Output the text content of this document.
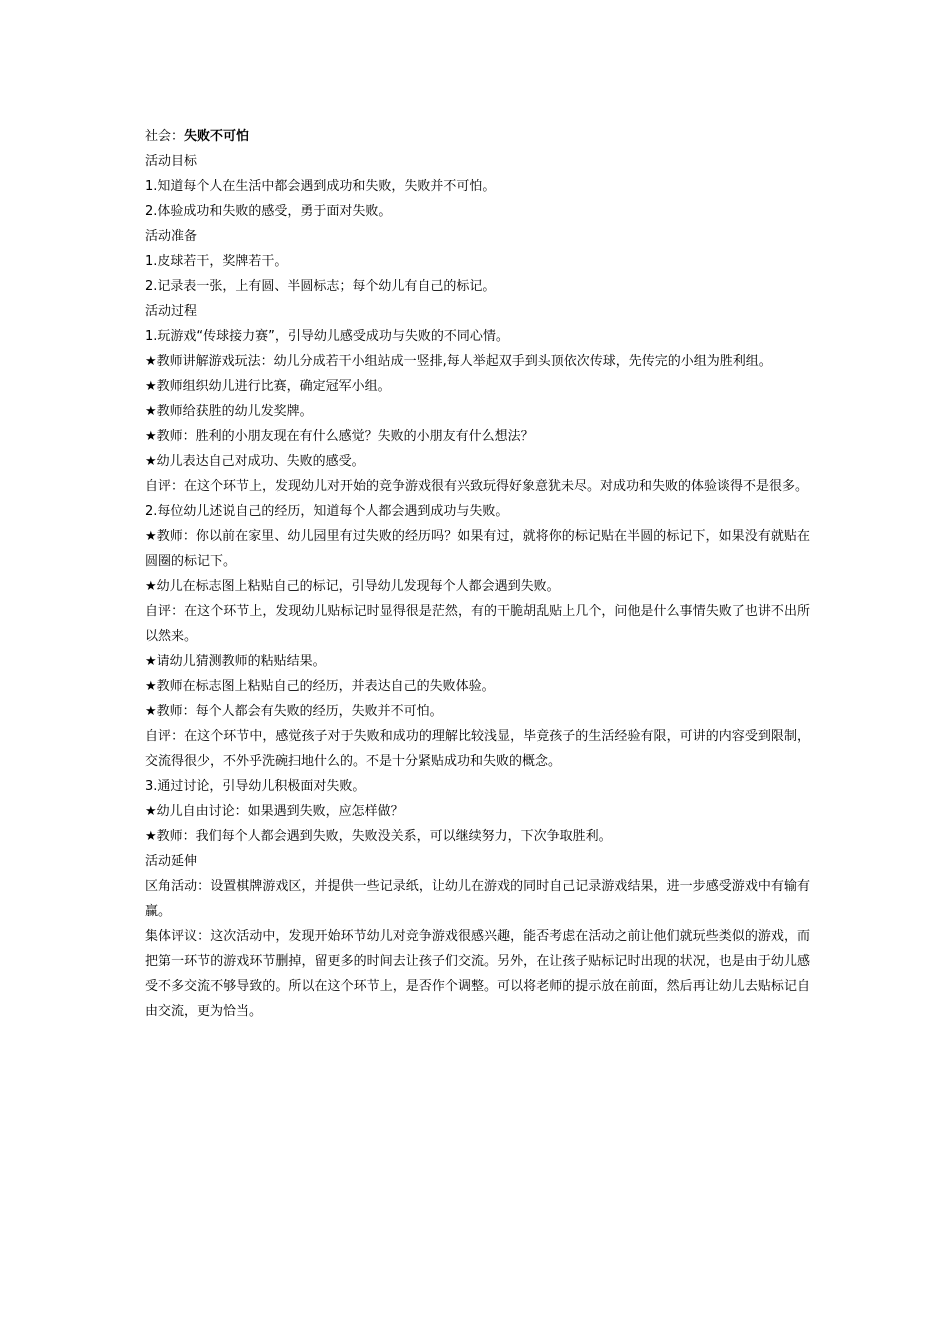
社会：失败不可怕

活动目标

1.知道每个人在生活中都会遇到成功和失败，失败并不可怕。

2.体验成功和失败的感受，勇于面对失败。

活动准备

1.皮球若干，奖牌若干。

2.记录表一张，上有圆、半圆标志；每个幼儿有自己的标记。

活动过程

1.玩游戏“传球接力赛”，引导幼儿感受成功与失败的不同心情。

★教师讲解游戏玩法：幼儿分成若干小组站成一竖排,每人举起双手到头顶依次传球，先传完的小组为胜利组。

★教师组织幼儿进行比赛，确定冠军小组。

★教师给获胜的幼儿发奖牌。

★教师：胜利的小朋友现在有什么感觉？失败的小朋友有什么想法？

★幼儿表达自己对成功、失败的感受。

自评：在这个环节上，发现幼儿对开始的竞争游戏很有兴致玩得好象意犹未尽。对成功和失败的体验谈得不是很多。

2.每位幼儿述说自己的经历，知道每个人都会遇到成功与失败。

★教师：你以前在家里、幼儿园里有过失败的经历吗？如果有过，就将你的标记贴在半圆的标记下，如果没有就贴在圆圈的标记下。

★幼儿在标志图上粘贴自己的标记，引导幼儿发现每个人都会遇到失败。

自评：在这个环节上，发现幼儿贴标记时显得很是茫然，有的干脆胡乱贴上几个，问他是什么事情失败了也讲不出所以然来。

★请幼儿猜测教师的粘贴结果。

★教师在标志图上粘贴自己的经历，并表达自己的失败体验。

★教师：每个人都会有失败的经历，失败并不可怕。

自评：在这个环节中，感觉孩子对于失败和成功的理解比较浅显，毕竟孩子的生活经验有限，可讲的内容受到限制，交流得很少，不外乎洗碗扫地什么的。不是十分紧贴成功和失败的概念。

3.通过讨论，引导幼儿积极面对失败。

★幼儿自由讨论：如果遇到失败，应怎样做？

★教师：我们每个人都会遇到失败，失败没关系，可以继续努力，下次争取胜利。

活动延伸

区角活动：设置棋牌游戏区，并提供一些记录纸，让幼儿在游戏的同时自己记录游戏结果，进一步感受游戏中有输有赢。

集体评议：这次活动中，发现开始环节幼儿对竞争游戏很感兴趣，能否考虑在活动之前让他们就玩些类似的游戏，而把第一环节的游戏环节删掉，留更多的时间去让孩子们交流。另外，在让孩子贴标记时出现的状况，也是由于幼儿感受不多交流不够导致的。所以在这个环节上，是否作个调整。可以将老师的提示放在前面，然后再让幼儿去贴标记自由交流，更为恰当。
